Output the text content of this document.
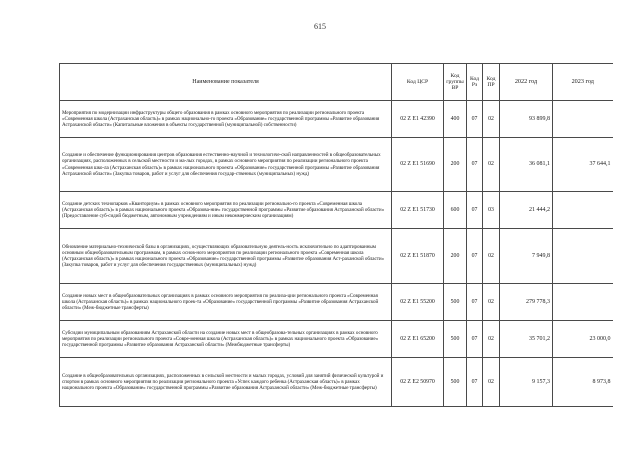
615
Наименование показателя	Код ЦСР	Код группы ВР	Код Рз	Код ПР	2022 год	2023 год
Мероприятия по модернизации инфраструктуры общего образования в рамках основного мероприятия по реализации регионального проекта «Современная школа (Астраханская область)» в рамках национально-го проекта «Образование» государственной программы «Развитие образования Астраханской области» (Капитальные вложения в объекты государственной (муниципальной) собственности)	02 Z E1 42390	400	07	02	93 899,8	
Создание и обеспечение функционирования центров образования естественно-научной и технологиче-ской направленностей в общеобразовательных организациях, расположенных в сельской местности и ма-лых городах, в рамках основного мероприятия по реализации регионального проекта «Современная шко-ла (Астраханская область)» в рамках национального проекта «Образование» государственной программы «Развитие образования Астраханской области» (Закупка товаров, работ и услуг для обеспечения государ-ственных (муниципальных) нужд)	02 Z E1 51690	200	07	02	36 081,1	37 644,1
Создание детских технопарков «Кванториум» в рамках основного мероприятия по реализации регионально-го проекта «Современная школа (Астраханская область)» в рамках национального проекта «Образова-ние» государственной программы «Развитие образования Астраханской области» (Предоставление суб-сидий бюджетным, автономным учреждениям и иным некоммерческим организациям)	02 Z E1 51730	600	07	03	21 444,2	
Обновление материально-технической базы в организациях, осуществляющих образовательную деятель-ность исключительно по адаптированным основным общеобразовательным программам, в рамках основ-ного мероприятия по реализации регионального проекта «Современная школа (Астраханская область)» в рамках национального проекта «Образование» государственной программы «Развитие образования Аст-раханской области» (Закупка товаров, работ и услуг для обеспечения государственных (муниципальных) нужд)	02 Z E1 51870	200	07	02	7 949,8	
Создание новых мест в общеобразовательных организациях в рамках основного мероприятия по реализа-ции регионального проекта «Современная школа (Астраханская область)» в рамках национального проек-та «Образование» государственной программы «Развитие образования Астраханской области» (Меж-бюджетные трансферты)	02 Z E1 55200	500	07	02	279 778,3	
Субсидии муниципальным образованиям Астраханской области на создание новых мест в общеобразова-тельных организациях в рамках основного мероприятия по реализации регионального проекта «Совре-менная школа (Астраханская область)» в рамках национального проекта «Образование» государственной программы «Развитие образования Астраханской области» (Межбюджетные трансферты)	02 Z E1 65200	500	07	02	35 701,2	23 000,0
Создание в общеобразовательных организациях, расположенных в сельской местности и малых городах, условий для занятий физической культурой и спортом в рамках основного мероприятия по реализации регионального проекта «Успех каждого ребенка (Астраханская область)» в рамках национального проекта «Образование» государственной программы «Развитие образования Астраханской области» (Меж-бюджетные трансферты)	02 Z E2 50970	500	07	02	9 157,3	8 973,8
